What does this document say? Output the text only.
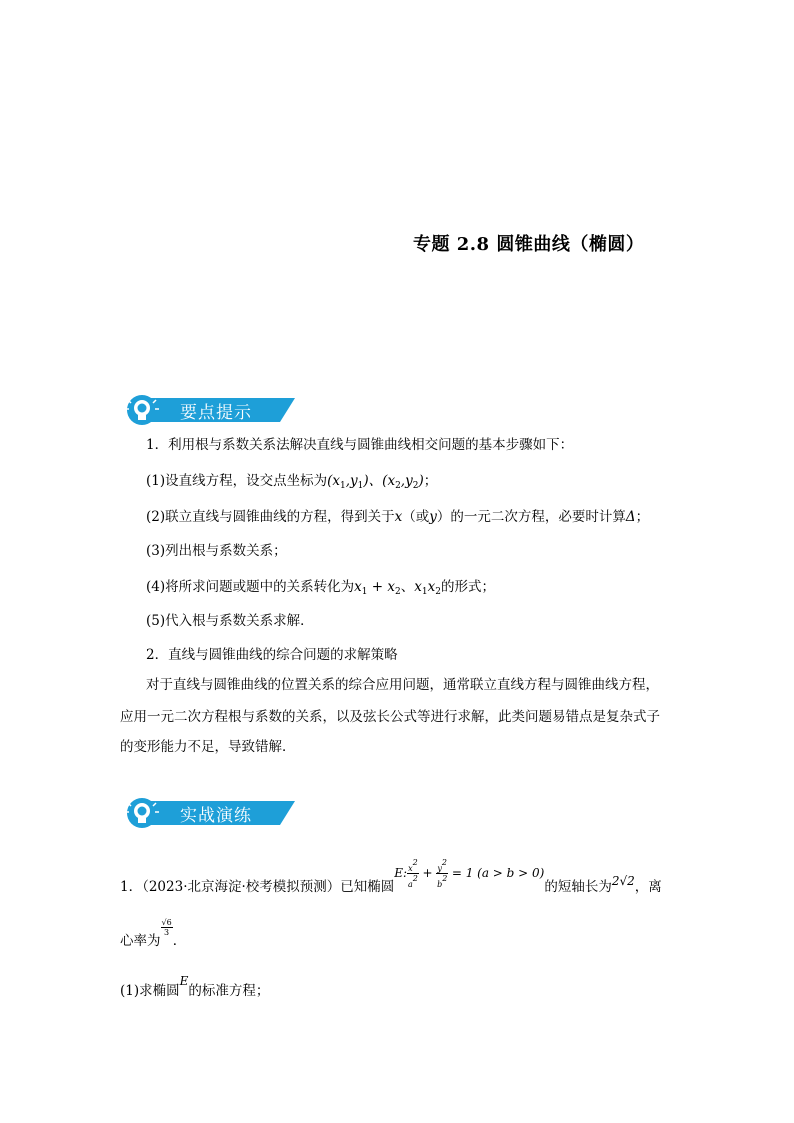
专题 2.8 圆锥曲线（椭圆）
要点提示
1．利用根与系数关系法解决直线与圆锥曲线相交问题的基本步骤如下：
(1)设直线方程，设交点坐标为$(x_1,y_1)$、$(x_2,y_2)$；
(2)联立直线与圆锥曲线的方程，得到关于x（或y）的一元二次方程，必要时计算Δ；
(3)列出根与系数关系；
(4)将所求问题或题中的关系转化为$x_1 + x_2$、$x_1x_2$的形式；
(5)代入根与系数关系求解．
2．直线与圆锥曲线的综合问题的求解策略
对于直线与圆锥曲线的位置关系的综合应用问题，通常联立直线方程与圆锥曲线方程，
应用一元二次方程根与系数的关系，以及弦长公式等进行求解，此类问题易错点是复杂式子
的变形能力不足，导致错解．
实战演练
1．（2023·北京海淀·校考模拟预测）已知椭圆E: $\frac{x^2}{a^2} + \frac{y^2}{b^2} = 1$ (a > b > 0)的短轴长为2√2，离
心率为
$\frac{√6}{3}$
．
(1)求椭圆E的标准方程；
